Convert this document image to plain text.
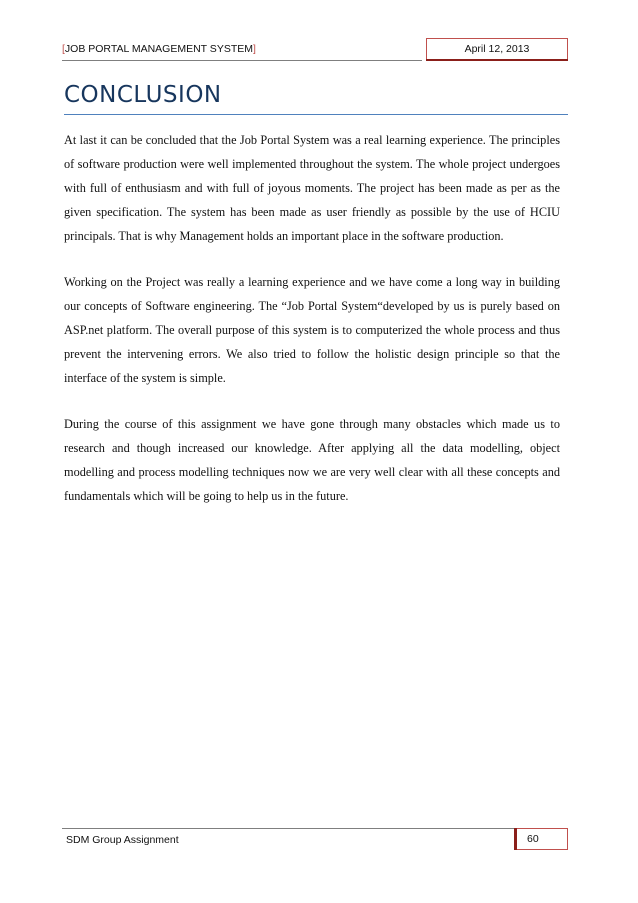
[JOB PORTAL MANAGEMENT SYSTEM]	April 12, 2013
CONCLUSION

At last it can be concluded that the Job Portal System was a real learning experience. The principles of software production were well implemented throughout the system. The whole project undergoes with full of enthusiasm and with full of joyous moments. The project has been made as per as the given specification. The system has been made as user friendly as possible by the use of HCIU principals. That is why Management holds an important place in the software production.

Working on the Project was really a learning experience and we have come a long way in building our concepts of Software engineering. The “Job Portal System“developed by us is purely based on ASP.net platform. The overall purpose of this system is to computerized the whole process and thus prevent the intervening errors. We also tried to follow the holistic design principle so that the interface of the system is simple.

During the course of this assignment we have gone through many obstacles which made us to research and though increased our knowledge. After applying all the data modelling, object modelling and process modelling techniques now we are very well clear with all these concepts and fundamentals which will be going to help us in the future.

SDM Group Assignment	60
